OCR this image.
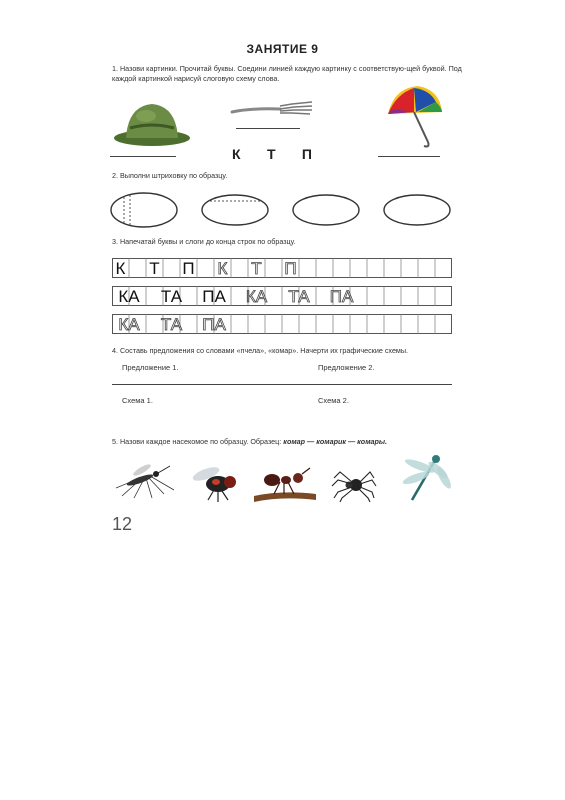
ЗАНЯТИЕ 9
1. Назови картинки. Прочитай буквы. Соедини линией каждую картинку с соответствую-щей буквой. Под каждой картинкой нарисуй слоговую схему слова.
К Т П
2. Выполни штриховку по образцу.
3. Напечатай буквы и слоги до конца строк по образцу.
К Т П К Т П
КА	ТА	ПА	КА	ТА	ПА
КА	ТА	ПА
4. Составь предложения со словами «пчела», «комар». Начерти их графические схемы.
Предложение 1.	Предложение 2.
Схема 1.	Схема 2.
5. Назови каждое насекомое по образцу. Образец: комар — комарик — комары.
12
